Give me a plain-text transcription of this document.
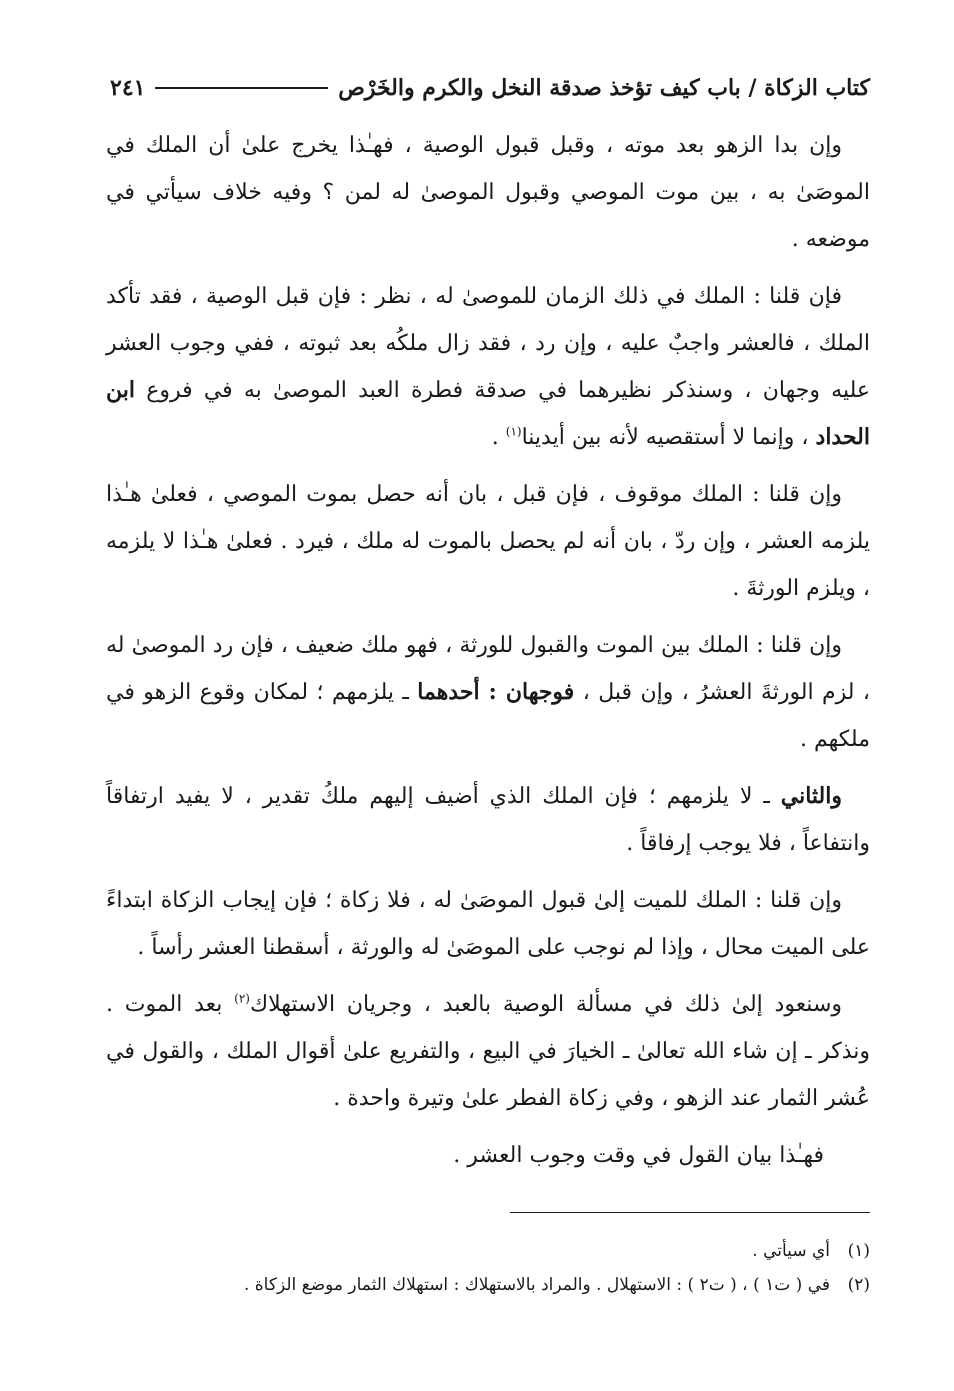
كتاب الزكاة / باب كيف تؤخذ صدقة النخل والكرم والخَرْص
٢٤١

وإن بدا الزهو بعد موته ، وقبل قبول الوصية ، فهـٰذا يخرج علىٰ أن الملك في الموصَىٰ به ، بين موت الموصي وقبول الموصىٰ له لمن ؟ وفيه خلاف سيأتي في موضعه .

فإن قلنا : الملك في ذلك الزمان للموصىٰ له ، نظر : فإن قبل الوصية ، فقد تأكد الملك ، فالعشر واجبٌ عليه ، وإن رد ، فقد زال ملكُه بعد ثبوته ، ففي وجوب العشر عليه وجهان ، وسنذكر نظيرهما في صدقة فطرة العبد الموصىٰ به في فروع ابن الحداد ، وإنما لا أستقصيه لأنه بين أيدينا$^{(١)}$ .

وإن قلنا : الملك موقوف ، فإن قبل ، بان أنه حصل بموت الموصي ، فعلىٰ هـٰذا يلزمه العشر ، وإن ردّ ، بان أنه لم يحصل بالموت له ملك ، فيرد . فعلىٰ هـٰذا لا يلزمه ، ويلزم الورثةَ .

وإن قلنا : الملك بين الموت والقبول للورثة ، فهو ملك ضعيف ، فإن رد الموصىٰ له ، لزم الورثةَ العشرُ ، وإن قبل ، فوجهان : أحدهما ـ يلزمهم ؛ لمكان وقوع الزهو في ملكهم .

والثاني ـ لا يلزمهم ؛ فإن الملك الذي أضيف إليهم ملكُ تقدير ، لا يفيد ارتفاقاً وانتفاعاً ، فلا يوجب إرفاقاً .

وإن قلنا : الملك للميت إلىٰ قبول الموصَىٰ له ، فلا زكاة ؛ فإن إيجاب الزكاة ابتداءً على الميت محال ، وإذا لم نوجب على الموصَىٰ له والورثة ، أسقطنا العشر رأساً .

وسنعود إلىٰ ذلك في مسألة الوصية بالعبد ، وجريان الاستهلاك$^{(٢)}$ بعد الموت . ونذكر ـ إن شاء الله تعالىٰ ـ الخيارَ في البيع ، والتفريع علىٰ أقوال الملك ، والقول في عُشر الثمار عند الزهو ، وفي زكاة الفطر علىٰ وتيرة واحدة .

فهـٰذا بيان القول في وقت وجوب العشر .

(١)
أي سيأتي .
(٢)
في ( ت١ ) ، ( ت٢ ) : الاستهلال . والمراد بالاستهلاك : استهلاك الثمار موضع الزكاة .
